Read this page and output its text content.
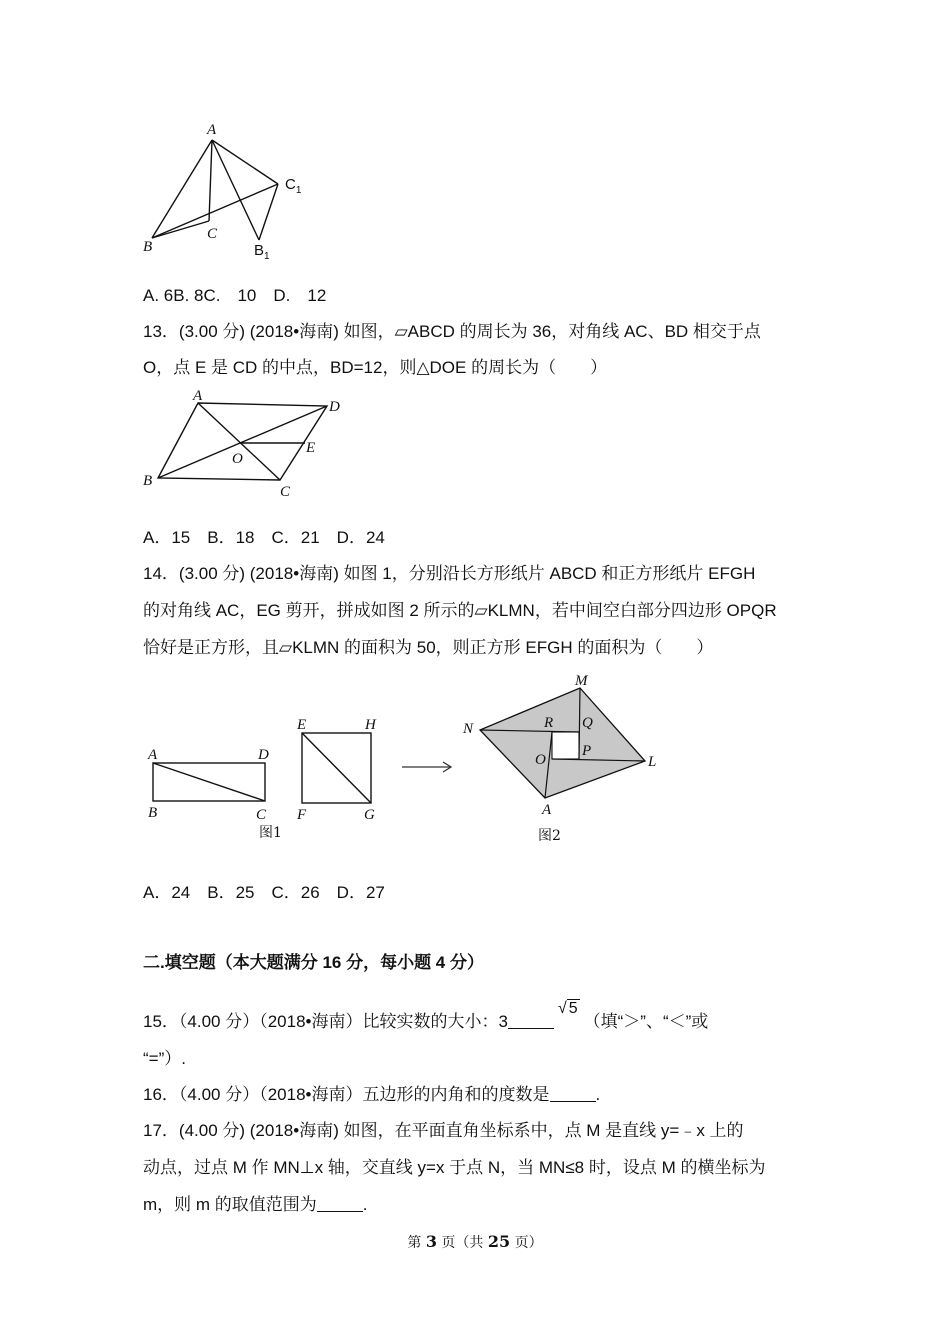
A
B
C
$B_1$
$C_1$
A. 6B. 8C.　10　D.　12
13．(3.00 分) (2018•海南) 如图，▱ABCD 的周长为 36，对角线 AC、BD 相交于点
O，点 E 是 CD 的中点，BD=12，则△DOE 的周长为（　　）
A
D
E
O
B
C
A．15　B．18　C．21　D．24
14．(3.00 分) (2018•海南) 如图 1，分别沿长方形纸片 ABCD 和正方形纸片 EFGH
的对角线 AC，EG 剪开，拼成如图 2 所示的▱KLMN，若中间空白部分四边形 OPQR
恰好是正方形，且▱KLMN 的面积为 50，则正方形 EFGH 的面积为（　　）
A	D
B	C
E	H
F	G
图1
M
N
L
A
R Q
O
P
图2
A．24　B．25　C．26　D．27
二.填空题（本大题满分 16 分，每小题 4 分）
15．（4.00 分）（2018•海南）比较实数的大小：3√ 5（填“＞”、“＜”或
“=”）.
16．（4.00 分）（2018•海南）五边形的内角和的度数是	.
17．(4.00 分) (2018•海南) 如图，在平面直角坐标系中，点 M 是直线 y=﹣x 上的
动点，过点 M 作 MN⊥x 轴，交直线 y=x 于点 N，当 MN≤8 时，设点 M 的横坐标为
m，则 m 的取值范围为	.
第 3 页（共 25 页）
